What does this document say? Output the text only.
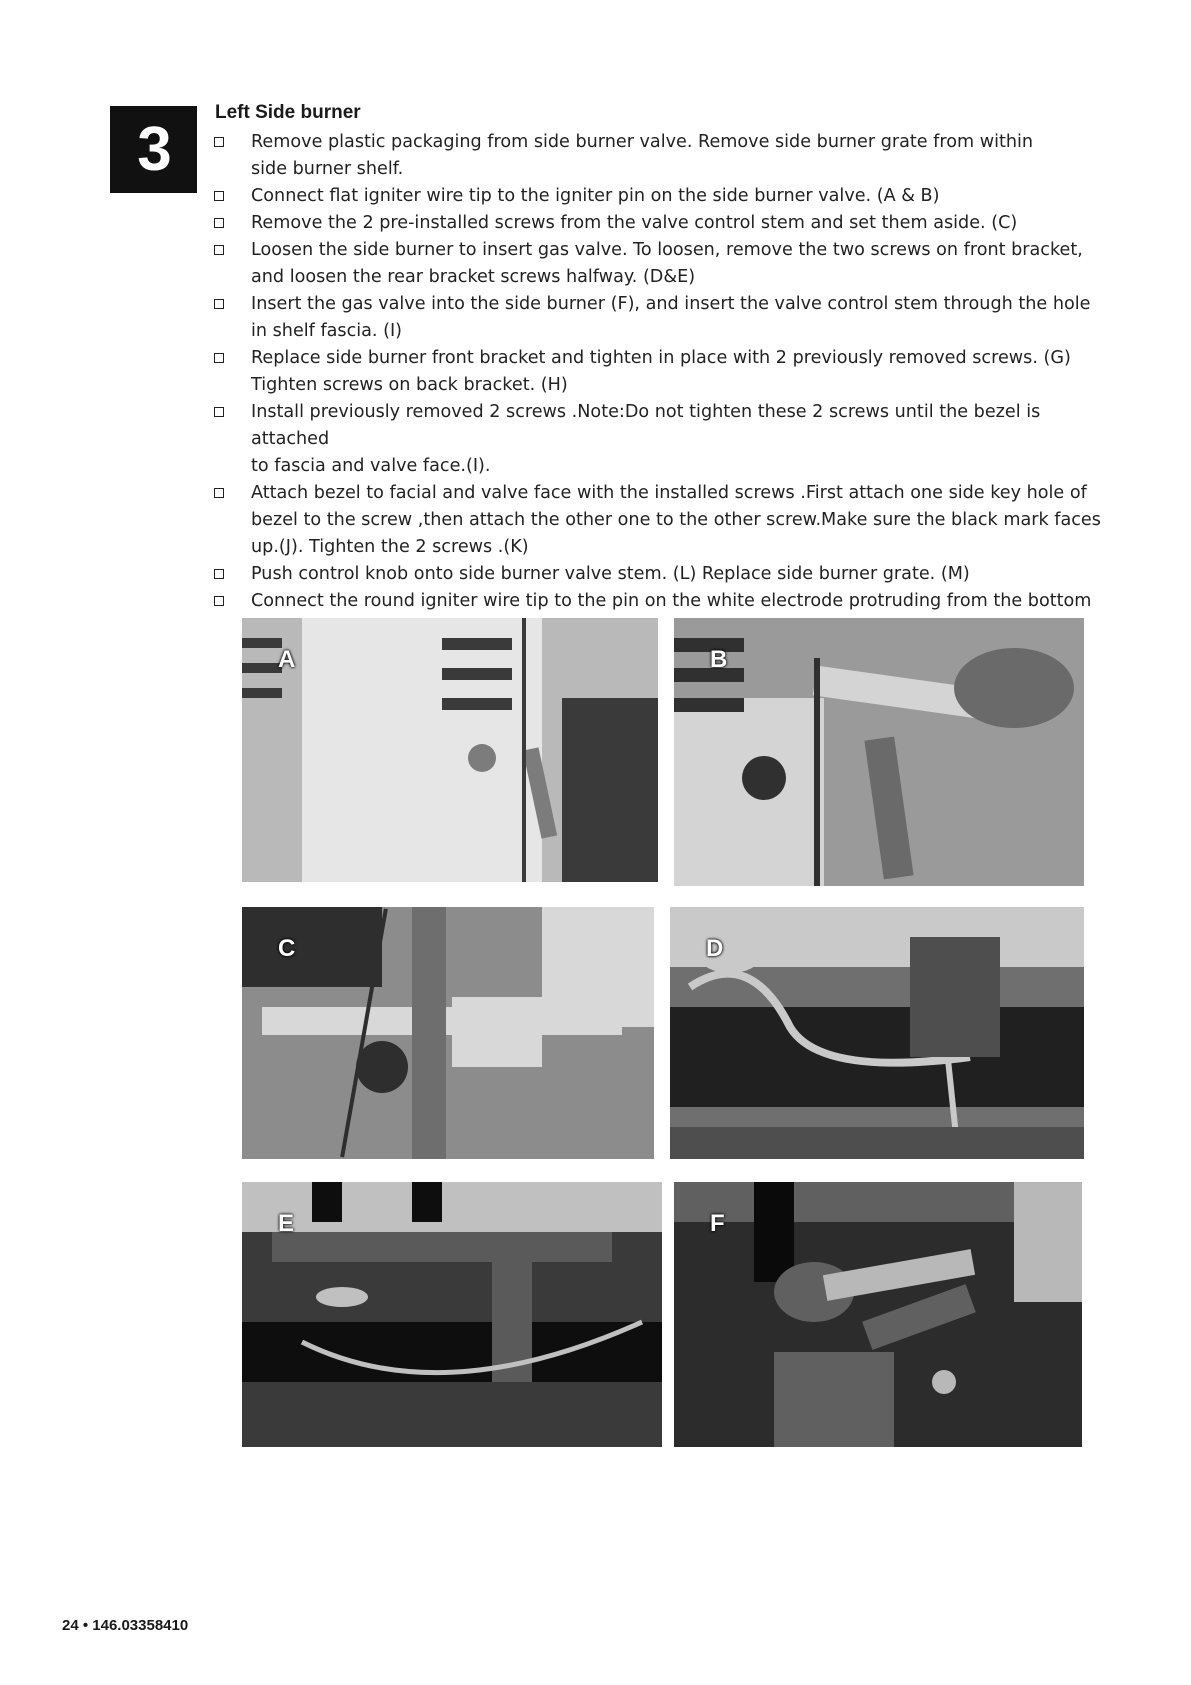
3
Left Side burner
Remove plastic packaging from side burner valve. Remove side burner grate from within
side burner shelf.
Connect flat igniter wire tip to the igniter pin on the side burner valve. (A & B)
Remove the 2 pre-installed screws from the valve control stem and set them aside. (C)
Loosen the side burner to insert gas valve. To loosen, remove the two screws on front bracket,
and loosen the rear bracket screws halfway. (D&E)
Insert the gas valve into the side burner (F), and insert the valve control stem through the hole
in shelf fascia. (I)
Replace side burner front bracket and tighten in place with 2 previously removed screws. (G)
Tighten screws on back bracket. (H)
Install previously removed 2 screws .Note:Do not tighten these 2 screws until the bezel is attached
to fascia and valve face.(I).
Attach bezel to facial and valve face with the installed screws .First attach one side key hole of
bezel to the screw ,then attach the other one to the other screw.Make sure the black mark faces
up.(J). Tighten the 2 screws .(K)
Push control knob onto side burner valve stem. (L) Replace side burner grate. (M)
Connect the round igniter wire tip to the pin on the white electrode protruding from the bottom

A	B
C	D
E	F
24 • 146.03358410
